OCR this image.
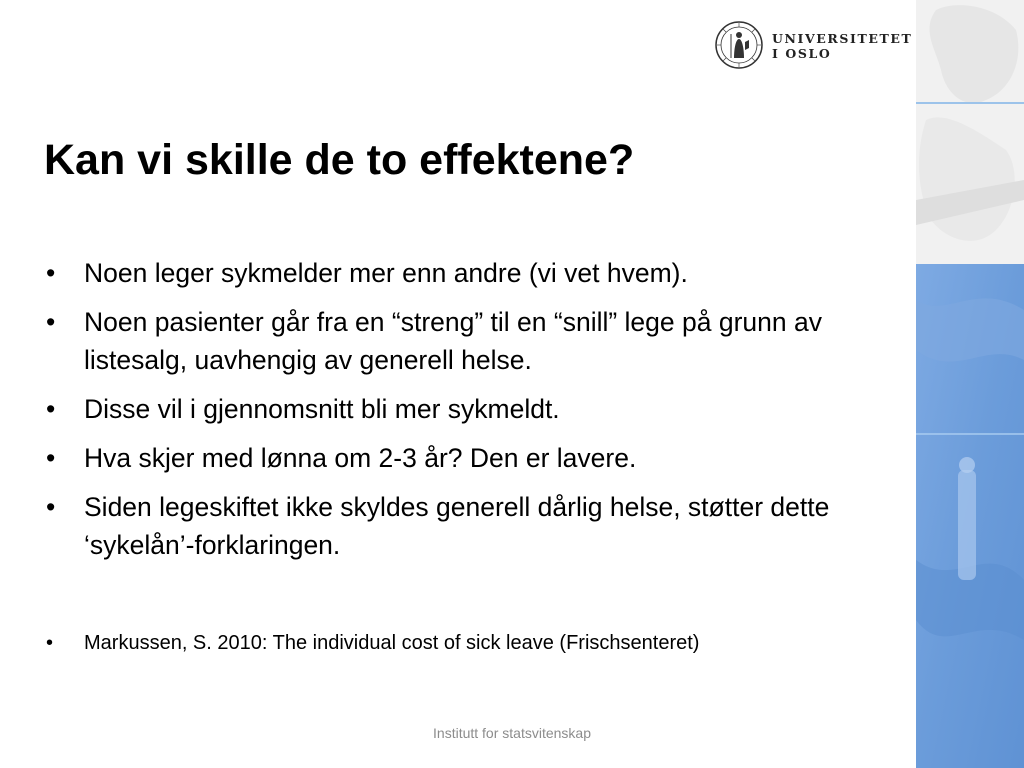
UNIVERSITETET
I OSLO
Kan vi skille de to effektene?
• Noen leger sykmelder mer enn andre (vi vet hvem).
• Noen pasienter går fra en “streng” til en “snill” lege på grunn av listesalg, uavhengig av generell helse.
• Disse vil i gjennomsnitt bli mer sykmeldt.
• Hva skjer med lønna om 2-3 år? Den er lavere.
• Siden legeskiftet ikke skyldes generell dårlig helse, støtter dette ‘sykelån’-forklaringen.
•	Markussen, S. 2010: The individual cost of sick leave (Frischsenteret)
Institutt for statsvitenskap
